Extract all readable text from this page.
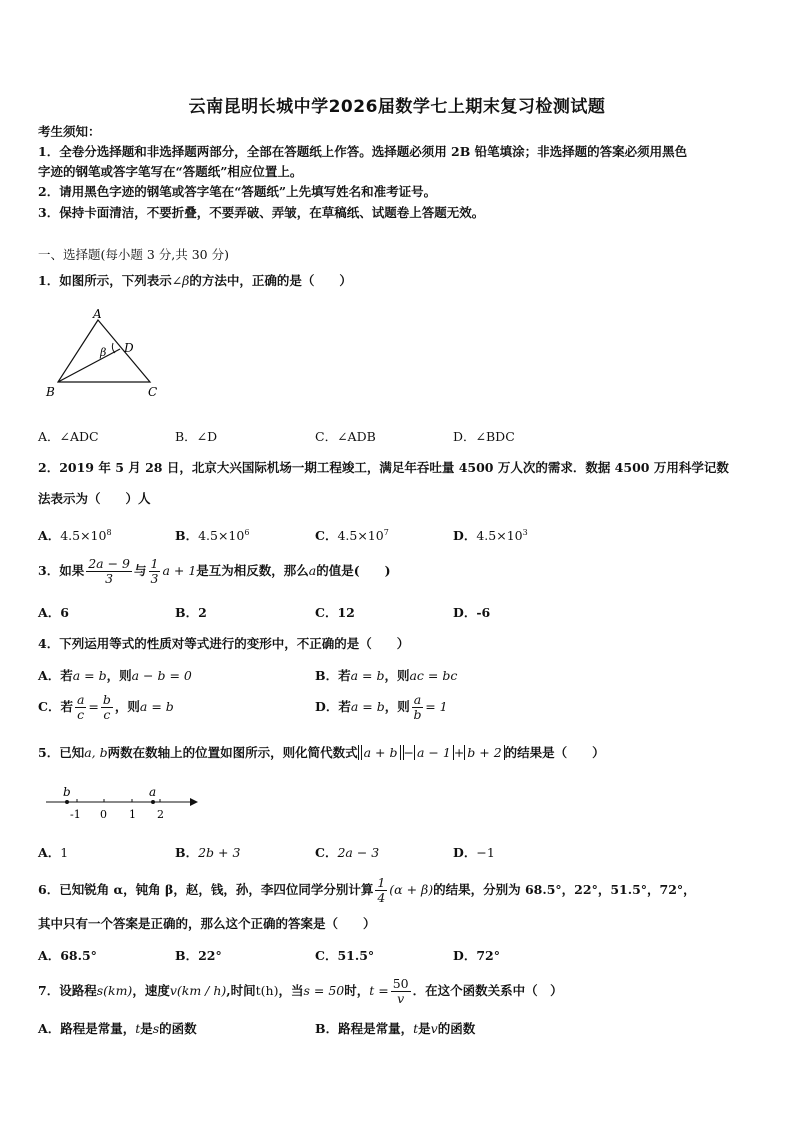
云南昆明长城中学2026届数学七上期末复习检测试题
考生须知：
1．全卷分选择题和非选择题两部分，全部在答题纸上作答。选择题必须用 2B 铅笔填涂；非选择题的答案必须用黑色
字迹的钢笔或答字笔写在“答题纸”相应位置上。
2．请用黑色字迹的钢笔或答字笔在“答题纸”上先填写姓名和准考证号。
3．保持卡面清洁，不要折叠，不要弄破、弄皱，在草稿纸、试题卷上答题无效。
一、选择题(每小题 3 分,共 30 分)
1．如图所示，下列表示∠β的方法中，正确的是（　　）
A
D
B	C
β
A．∠ADC	B．∠D	C．∠ADB	D．∠BDC
2．2019 年 5 月 28 日，北京大兴国际机场一期工程竣工，满足年吞吐量 4500 万人次的需求．数据 4500 万用科学记数
法表示为（　　）人
A．$4.5\times 10^8$	B．$4.5\times 10^6$	C．$4.5\times 10^7$	D．$4.5\times 10^3$
3．如果 $\frac{2a - 9}{3}$ 与 $\frac{1}{3}$ a + 1是互为相反数，那么a的值是(　　)
A．6	B．2	C．12	D．-6
4．下列运用等式的性质对等式进行的变形中，不正确的是（　　）
A．若a = b，则a − b = 0	B．若a = b，则ac = bc
C．若 $\frac{a}{c} = \frac{b}{c}$ ，则a = b	D．若a = b，则 $\frac{a}{b} = 1$
5．已知a, b两数在数轴上的位置如图所示，则化简代数式 a + b − a − 1 + b + 2 的结果是（　　）
b	a
-1 0 1 2
A．1	B．2b + 3	C．2a − 3	D．−1
6．已知锐角 α，钝角 β，赵，钱，孙，李四位同学分别计算 $\frac{1}{4} (\alpha + \beta)$的结果，分别为 68.5°，22°，51.5°，72°，
其中只有一个答案是正确的，那么这个正确的答案是（　　）
A．68.5°	B．22°	C．51.5°	D．72°
7．设路程s(km)，速度v(km / h),时间t(h)，当s = 50时，$t = \frac{50}{v}$ ．在这个函数关系中（　）
A．路程是常量，t是s的函数	B．路程是常量，t是v的函数
